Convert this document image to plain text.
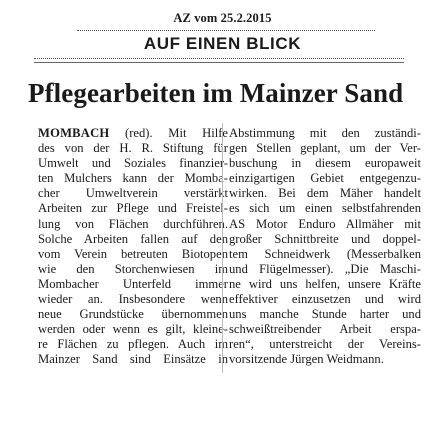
AZ vom 25.2.2015
AUF EINEN BLICK
Pflegearbeiten im Mainzer Sand
MOMBACH (red). Mit Hilfe
des von der H. R. Stiftung für
Umwelt und Soziales finanzier-
ten Mulchers kann der Momba-
cher Umweltverein verstärkt
Arbeiten zur Pflege und Freistel-
lung von Flächen durchführen.
Solche Arbeiten fallen auf den
vom Verein betreuten Biotopen
wie den Storchenwiesen im
Mombacher Unterfeld immer
wieder an. Insbesondere wenn
neue Grundstücke übernommen
werden oder wenn es gilt, kleine-
re Flächen zu pflegen. Auch im
Mainzer Sand sind Einsätze in
Abstimmung mit den zuständi-
gen Stellen geplant, um der Ver-
buschung in diesem europaweit
einzigartigen Gebiet entgegenzu-
wirken. Bei dem Mäher handelt
es sich um einen selbstfahrenden
AS Motor Enduro Allmäher mit
großer Schnittbreite und doppel-
tem Schneidwerk (Messerbalken
und Flügelmesser). „Die Maschi-
ne wird uns helfen, unsere Kräfte
effektiver einzusetzen und wird
uns manche Stunde harter und
schweißtreibender Arbeit erspa-
ren“, unterstreicht der Vereins-
vorsitzende Jürgen Weidmann.
